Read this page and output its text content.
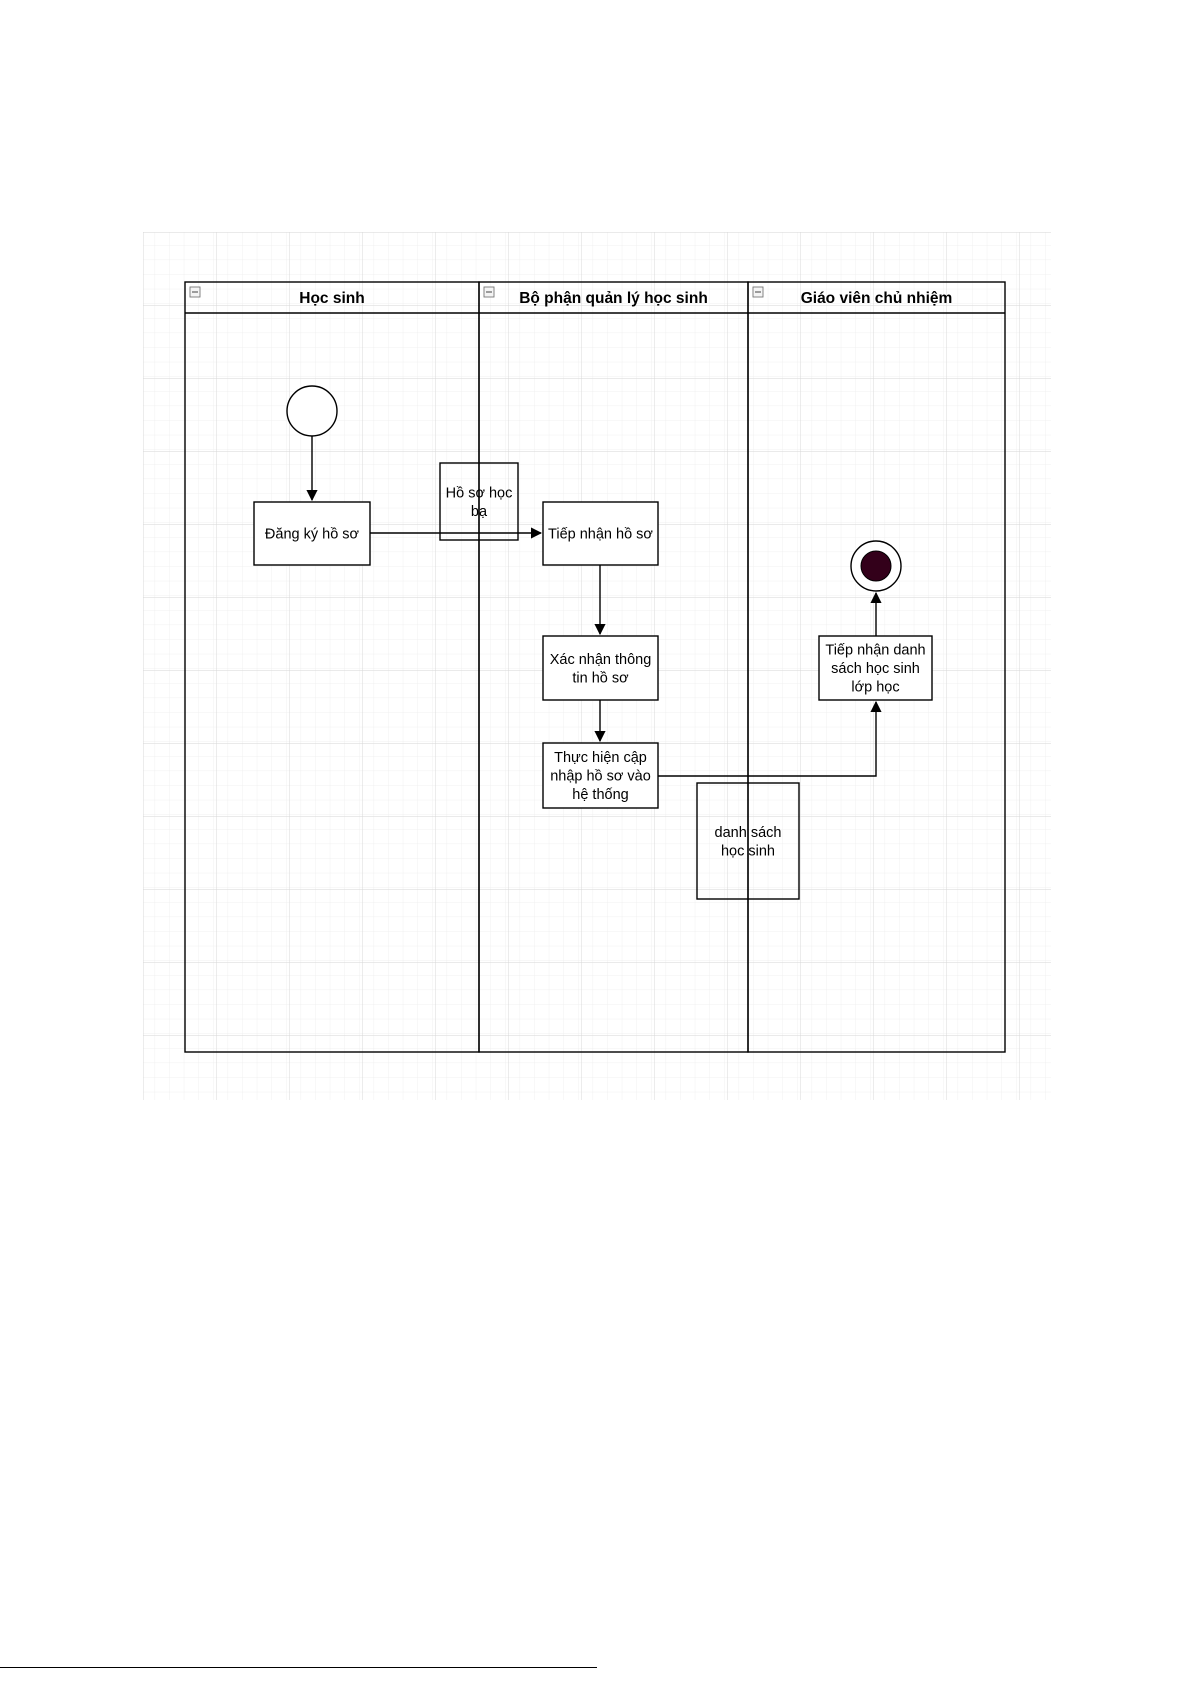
Học sinh	Bộ phận quản lý học sinh	Giáo viên chủ nhiệm
Đăng ký hồ sơ
Hồ sơ học
bạ
Tiếp nhận hồ sơ
Xác nhận thông
tin hồ sơ
Thực hiện cập
nhập hồ sơ vào
hệ thống
danh sách
học sinh
Tiếp nhận danh
sách học sinh
lớp học
